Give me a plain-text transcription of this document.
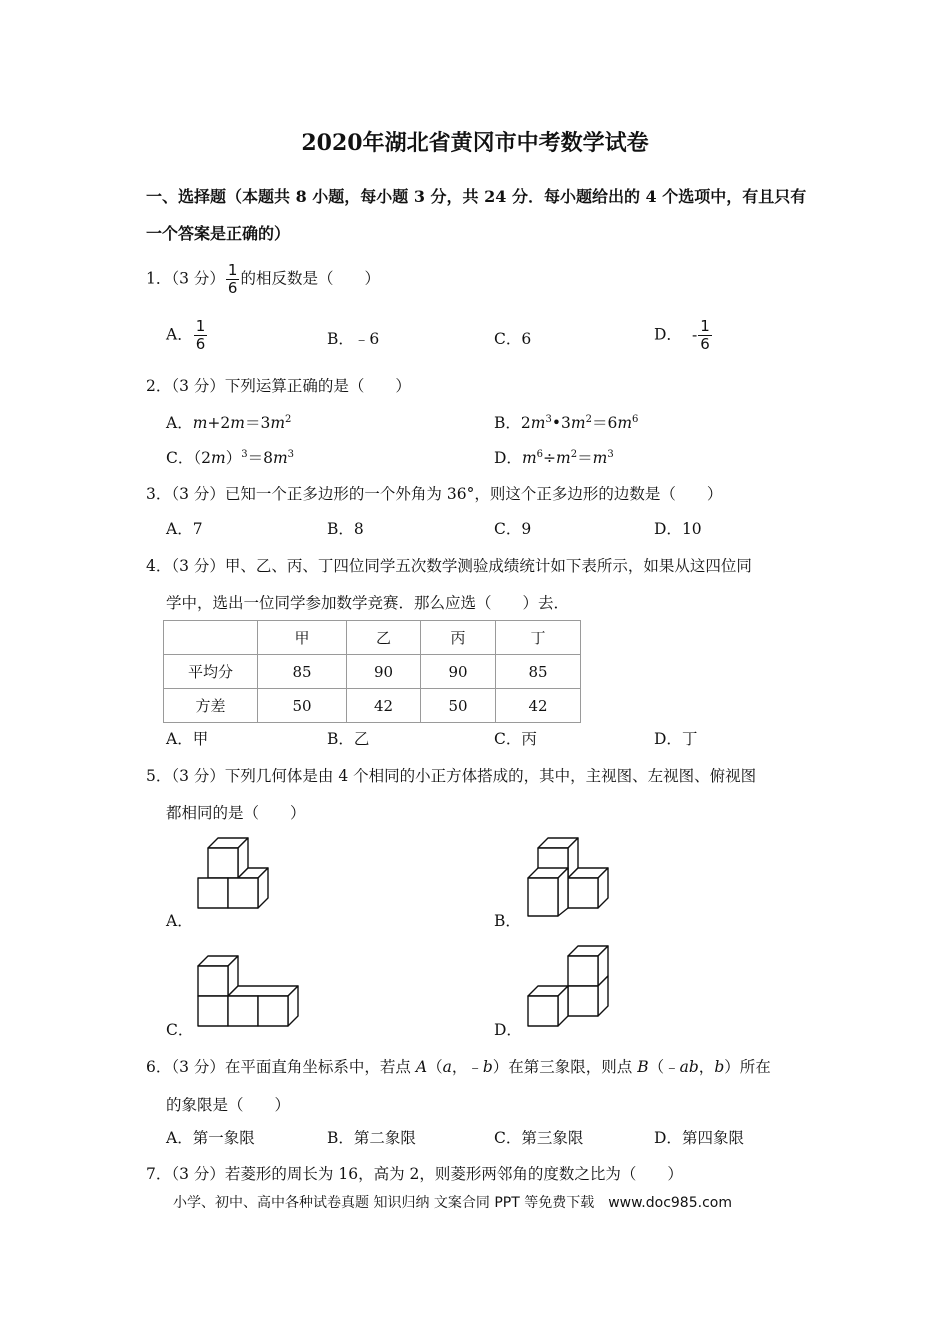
2020年湖北省黄冈市中考数学试卷
一、选择题（本题共 8 小题，每小题 3 分，共 24 分．每小题给出的 4 个选项中，有且只有
一个答案是正确的）
1．（3 分） $\frac{1}{6}$ 的相反数是（　　）
A． $\frac{1}{6}$	B．﹣6	C．6	D． - $\frac{1}{6}$
2．（3 分）下列运算正确的是（　　）
A．$m+2m=3m^2$	B．$2m^3•3m^2=6m^6$
C．$(2m)^3=8m^3$	D．$m^6\div m^2=m^3$
3．（3 分）已知一个正多边形的一个外角为 36°，则这个正多边形的边数是（　　）
A．7	B．8	C．9	D．10
4．（3 分）甲、乙、丙、丁四位同学五次数学测验成绩统计如下表所示，如果从这四位同
学中，选出一位同学参加数学竞赛．那么应选（　　）去．
	甲	乙	丙	丁
平均分	85	90	90	85
方差	50	42	50	42
A．甲	B．乙	C．丙	D．丁
5．（3 分）下列几何体是由 4 个相同的小正方体搭成的，其中，主视图、左视图、俯视图
都相同的是（　　）
A．	B．
C．	D．
6．（3 分）在平面直角坐标系中，若点 A（a，﹣b）在第三象限，则点 B（﹣ab，b）所在
的象限是（　　）
A．第一象限	B．第二象限	C．第三象限	D．第四象限
7．（3 分）若菱形的周长为 16，高为 2，则菱形两邻角的度数之比为（　　）
小学、初中、高中各种试卷真题 知识归纳 文案合同 PPT 等免费下载　www.doc985.com
